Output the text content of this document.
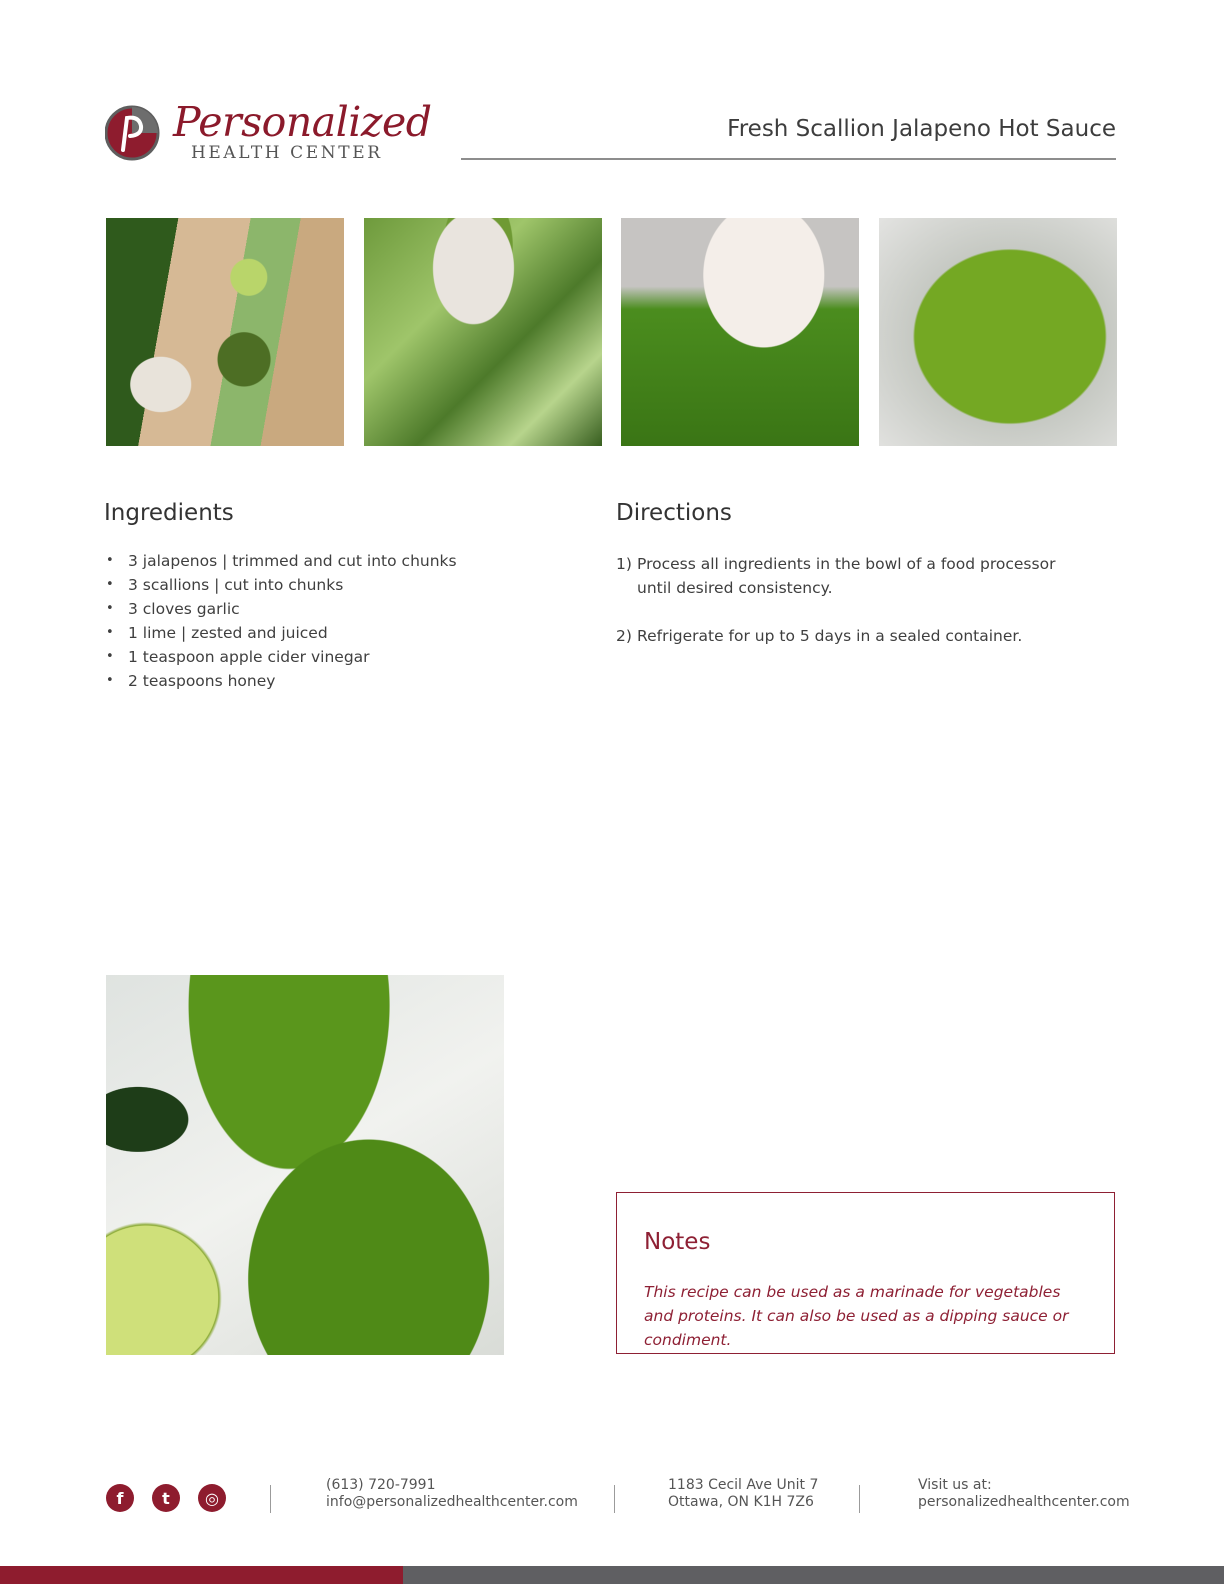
Personalized
HEALTH CENTER
Fresh Scallion Jalapeno Hot Sauce
Ingredients
• 3 jalapenos | trimmed and cut into chunks
• 3 scallions | cut into chunks
• 3 cloves garlic
• 1 lime | zested and juiced
• 1 teaspoon apple cider vinegar
• 2 teaspoons honey
Directions
1) Process all ingredients in the bowl of a food processor until desired consistency.
2) Refrigerate for up to 5 days in a sealed container.
Notes
This recipe can be used as a marinade for vegetables and proteins. It can also be used as a dipping sauce or condiment.
f	t	◎
(613) 720-7991
info@personalizedhealthcenter.com
1183 Cecil Ave Unit 7
Ottawa, ON K1H 7Z6
Visit us at:
personalizedhealthcenter.com
